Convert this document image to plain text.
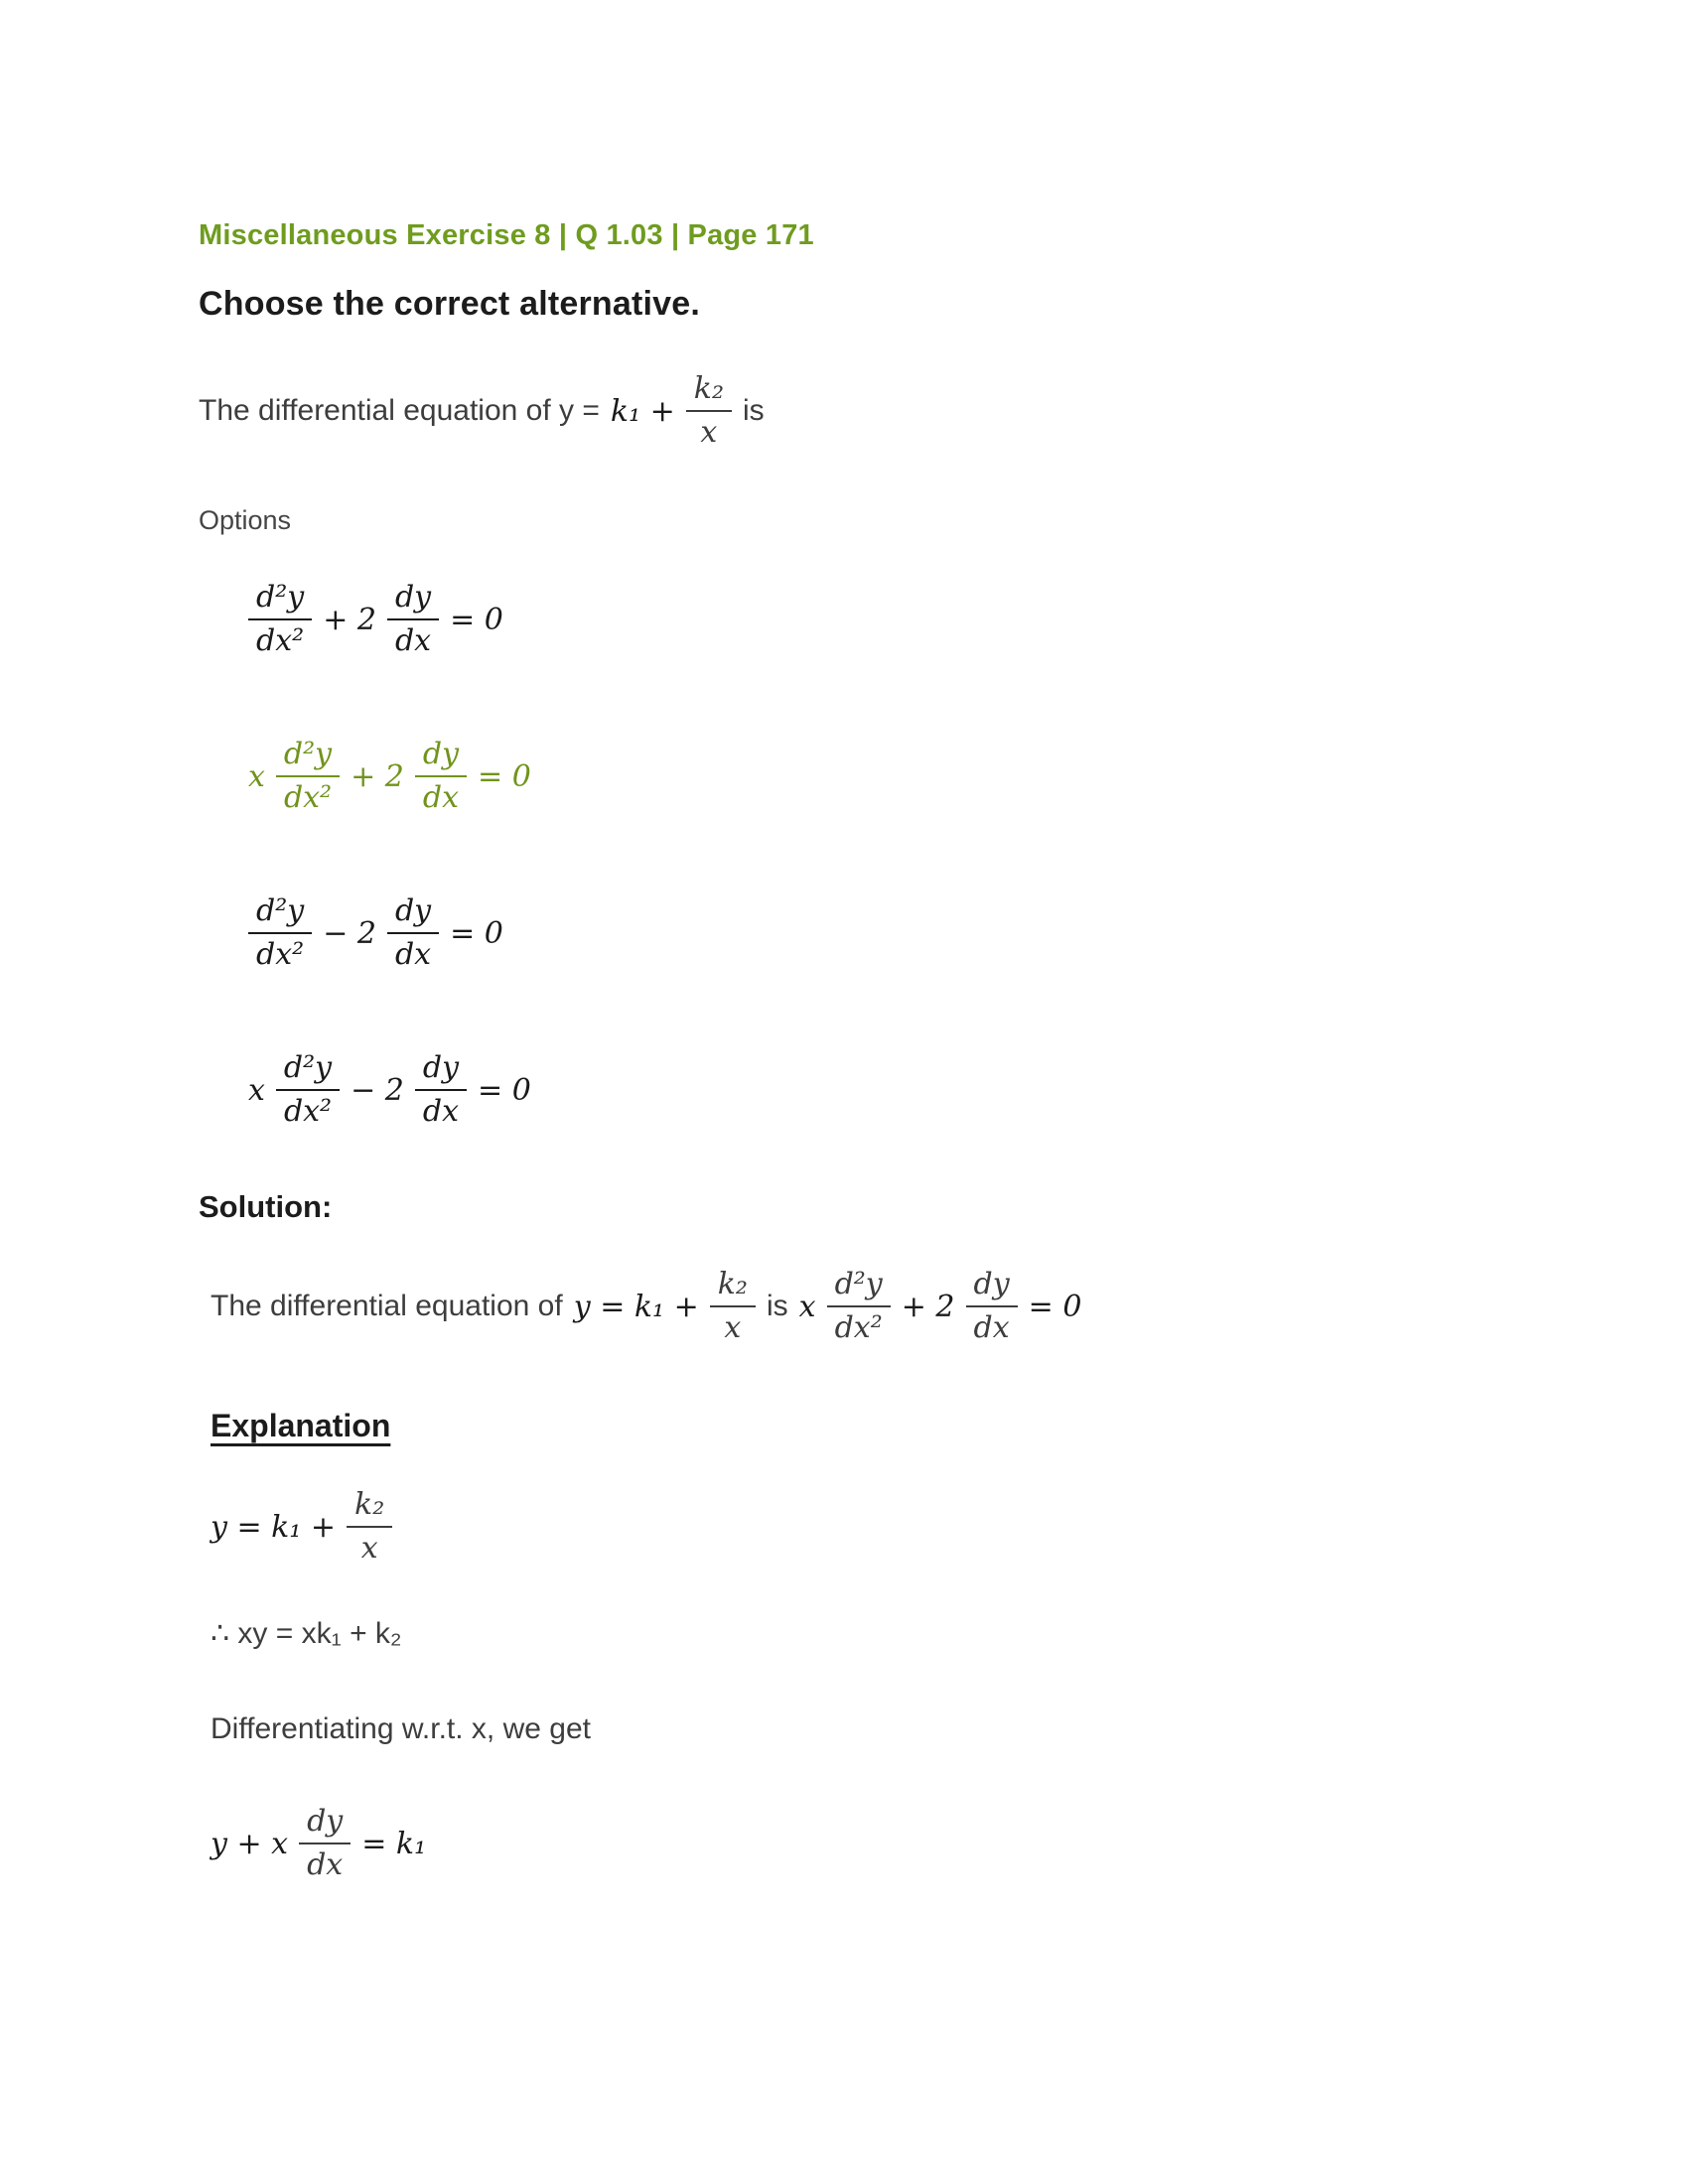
Miscellaneous Exercise 8 | Q 1.03 | Page 171
Choose the correct alternative.
The differential equation of $y = k_1 + \frac{\text{k₂}}{x}$ is
Options
$\frac{\text{d²y}}{\text{dx²}} + 2 \frac{dy}{dx} = 0$
x $\frac{\text{d²y}}{\text{dx²}} + 2 \frac{dy}{dx} = 0$
$\frac{\text{d²y}}{\text{dx²}} - 2 \frac{dy}{dx} = 0$
x $\frac{\text{d²y}}{\text{dx²}} - 2 \frac{dy}{dx} = 0$
Solution:
The differential equation of $y = k_1 + \frac{\text{k₂}}{x}$ is x $\frac{\text{d²y}}{\text{dx²}} + 2 \frac{dy}{dx} = 0$
Explanation
$y = k_1 + \frac{\text{k₂}}{x}$
∴ xy = xk₁ + k₂
Differentiating w.r.t. x, we get
y + x $\frac{dy}{dx} = k_1$
